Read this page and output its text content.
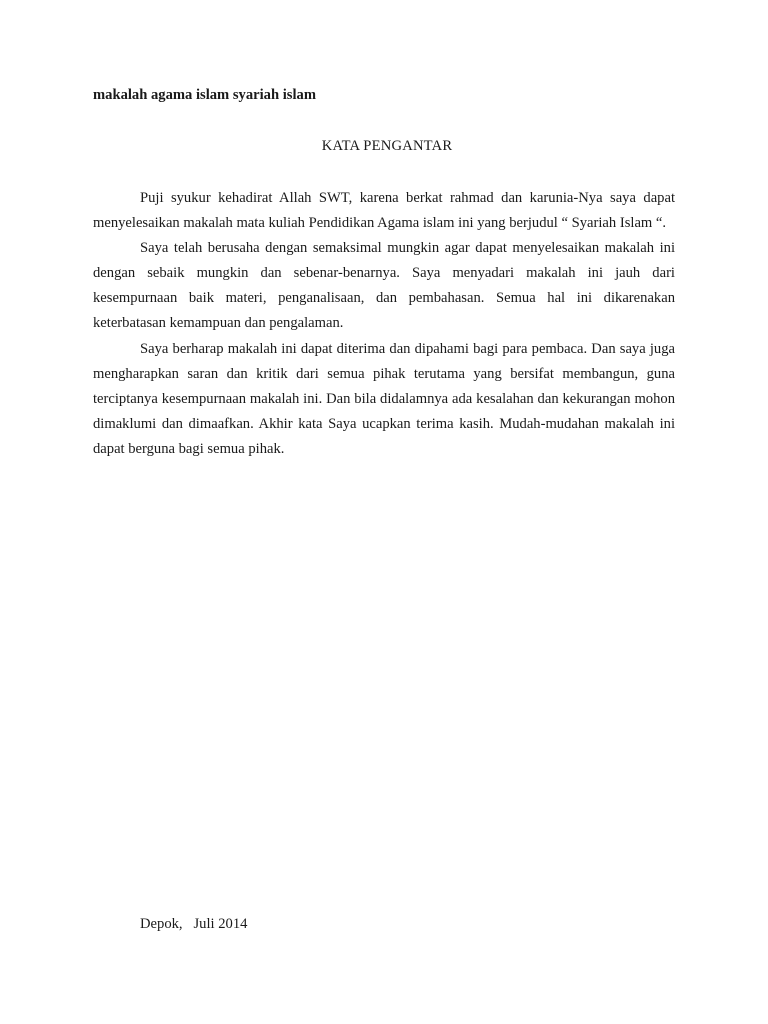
makalah agama islam syariah islam
KATA PENGANTAR

Puji syukur kehadirat Allah SWT, karena berkat rahmad dan karunia-Nya saya dapat menyelesaikan makalah mata kuliah Pendidikan Agama islam ini yang berjudul “ Syariah Islam “.

Saya telah berusaha dengan semaksimal mungkin agar dapat menyelesaikan makalah ini dengan sebaik mungkin dan sebenar-benarnya. Saya menyadari makalah ini jauh dari kesempurnaan baik materi, penganalisaan, dan pembahasan. Semua hal ini dikarenakan keterbatasan kemampuan dan pengalaman.

Saya berharap makalah ini dapat diterima dan dipahami bagi para pembaca. Dan saya juga mengharapkan saran dan kritik dari semua pihak terutama yang bersifat membangun, guna terciptanya kesempurnaan makalah ini. Dan bila didalamnya ada kesalahan dan kekurangan mohon dimaklumi dan dimaafkan. Akhir kata Saya ucapkan terima kasih. Mudah-mudahan makalah ini dapat berguna bagi semua pihak.

Depok,   Juli 2014
